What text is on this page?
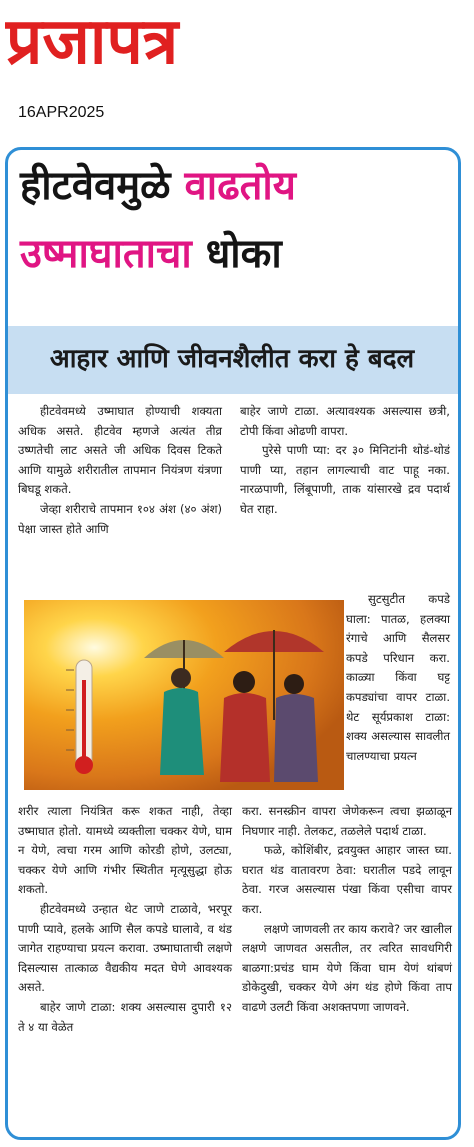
प्रजापत्र
16APR2025
हीटवेवमुळे वाढतोय
उष्माघाताचा धोका
आहार आणि जीवनशैलीत करा हे बदल

हीटवेवमध्ये उष्माघात होण्याची शक्यता अधिक असते. हीटवेव म्हणजे अत्यंत तीव्र उष्णतेची लाट असते जी अधिक दिवस टिकते आणि यामुळे शरीरातील तापमान नियंत्रण यंत्रणा बिघडू शकते.

जेव्हा शरीराचे तापमान १०४ अंश (४० अंश) पेक्षा जास्त होते आणि

बाहेर जाणे टाळा. अत्यावश्यक असल्यास छत्री, टोपी किंवा ओढणी वापरा.

पुरेसे पाणी प्या: दर ३० मिनिटांनी थोडं-थोडं पाणी प्या, तहान लागल्याची वाट पाहू नका. नारळपाणी, लिंबूपाणी, ताक यांसारखे द्रव पदार्थ घेत राहा.

सुटसुटीत कपडे घाला: पातळ, हलक्या रंगाचे आणि सैलसर कपडे परिधान करा. काळ्या किंवा घट्ट कपड्यांचा वापर टाळा. थेट सूर्यप्रकाश टाळा: शक्य असल्यास सावलीत चालण्याचा प्रयत्न

शरीर त्याला नियंत्रित करू शकत नाही, तेव्हा उष्माघात होतो. यामध्ये व्यक्तीला चक्कर येणे, घाम न येणे, त्वचा गरम आणि कोरडी होणे, उलट्या, चक्कर येणे आणि गंभीर स्थितीत मृत्यूसुद्धा होऊ शकतो.

हीटवेवमध्ये उन्हात थेट जाणे टाळावे, भरपूर पाणी प्यावे, हलके आणि सैल कपडे घालावे, व थंड जागेत राहण्याचा प्रयत्न करावा. उष्माघाताची लक्षणे दिसल्यास तात्काळ वैद्यकीय मदत घेणे आवश्यक असते.

बाहेर जाणे टाळा: शक्य असल्यास दुपारी १२ ते ४ या वेळेत

करा. सनस्क्रीन वापरा जेणेकरून त्वचा झळाळून निघणार नाही. तेलकट, तळलेले पदार्थ टाळा.

फळे, कोशिंबीर, द्रवयुक्त आहार जास्त घ्या. घरात थंड वातावरण ठेवा: घरातील पडदे लावून ठेवा. गरज असल्यास पंखा किंवा एसीचा वापर करा.

लक्षणे जाणवली तर काय करावे? जर खालील लक्षणे जाणवत असतील, तर त्वरित सावधगिरी बाळगा:प्रचंड घाम येणे किंवा घाम येणं थांबणं डोकेदुखी, चक्कर येणे अंग थंड होणे किंवा ताप वाढणे उलटी किंवा अशक्तपणा जाणवने.
